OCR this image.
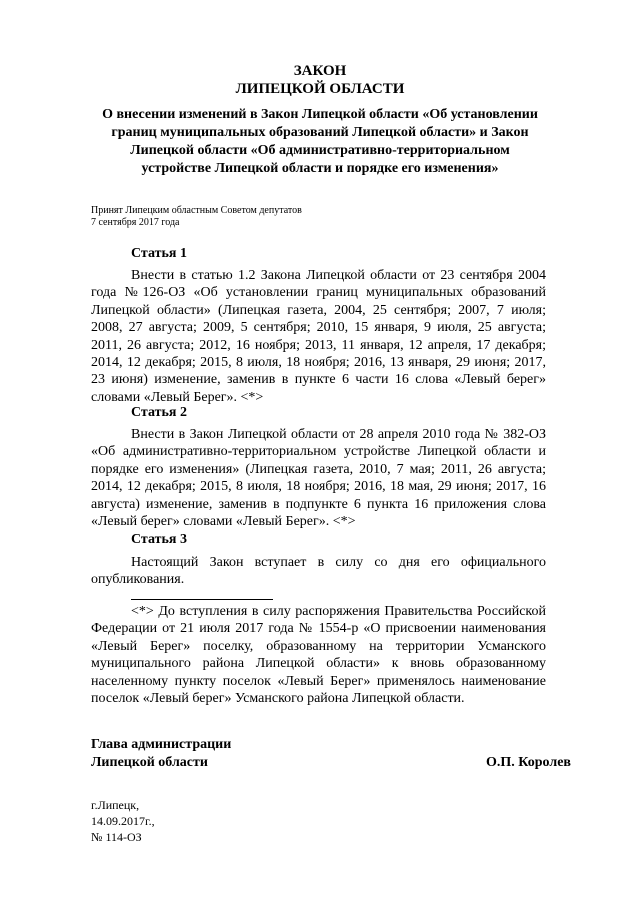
ЗАКОН
ЛИПЕЦКОЙ ОБЛАСТИ
О внесении изменений в Закон Липецкой области «Об установлении границ муниципальных образований Липецкой области» и Закон Липецкой области «Об административно-территориальном устройстве Липецкой области и порядке его изменения»
Принят Липецким областным Советом депутатов
7 сентября 2017 года
Статья 1

Внести в статью 1.2 Закона Липецкой области от 23 сентября 2004 года №126-ОЗ «Об установлении границ муниципальных образований Липецкой области» (Липецкая газета, 2004, 25 сентября; 2007, 7 июля; 2008, 27 августа; 2009, 5 сентября; 2010, 15 января, 9 июля, 25 августа; 2011, 26 августа; 2012, 16 ноября; 2013, 11 января, 12 апреля, 17 декабря; 2014, 12 декабря; 2015, 8 июля, 18 ноября; 2016, 13 января, 29 июня; 2017, 23 июня) изменение, заменив в пункте 6 части 16 слова «Левый берег» словами «Левый Берег». <*>

Статья 2

Внести в Закон Липецкой области от 28 апреля 2010 года № 382-ОЗ «Об административно-территориальном устройстве Липецкой области и порядке его изменения» (Липецкая газета, 2010, 7 мая; 2011, 26 августа; 2014, 12 декабря; 2015, 8 июля, 18 ноября; 2016, 18 мая, 29 июня; 2017, 16 августа) изменение, заменив в подпункте 6 пункта 16 приложения слова «Левый берег» словами «Левый Берег». <*>

Статья 3

Настоящий Закон вступает в силу со дня его официального опубликования.

<*> До вступления в силу распоряжения Правительства Российской Федерации от 21 июля 2017 года № 1554-р «О присвоении наименования «Левый Берег» поселку, образованному на территории Усманского муниципального района Липецкой области» к вновь образованному населенному пункту поселок «Левый Берег» применялось наименование поселок «Левый берег» Усманского района Липецкой области.

Глава администрации
Липецкой области	О.П. Королев
г.Липецк,
14.09.2017г.,
№ 114-ОЗ
